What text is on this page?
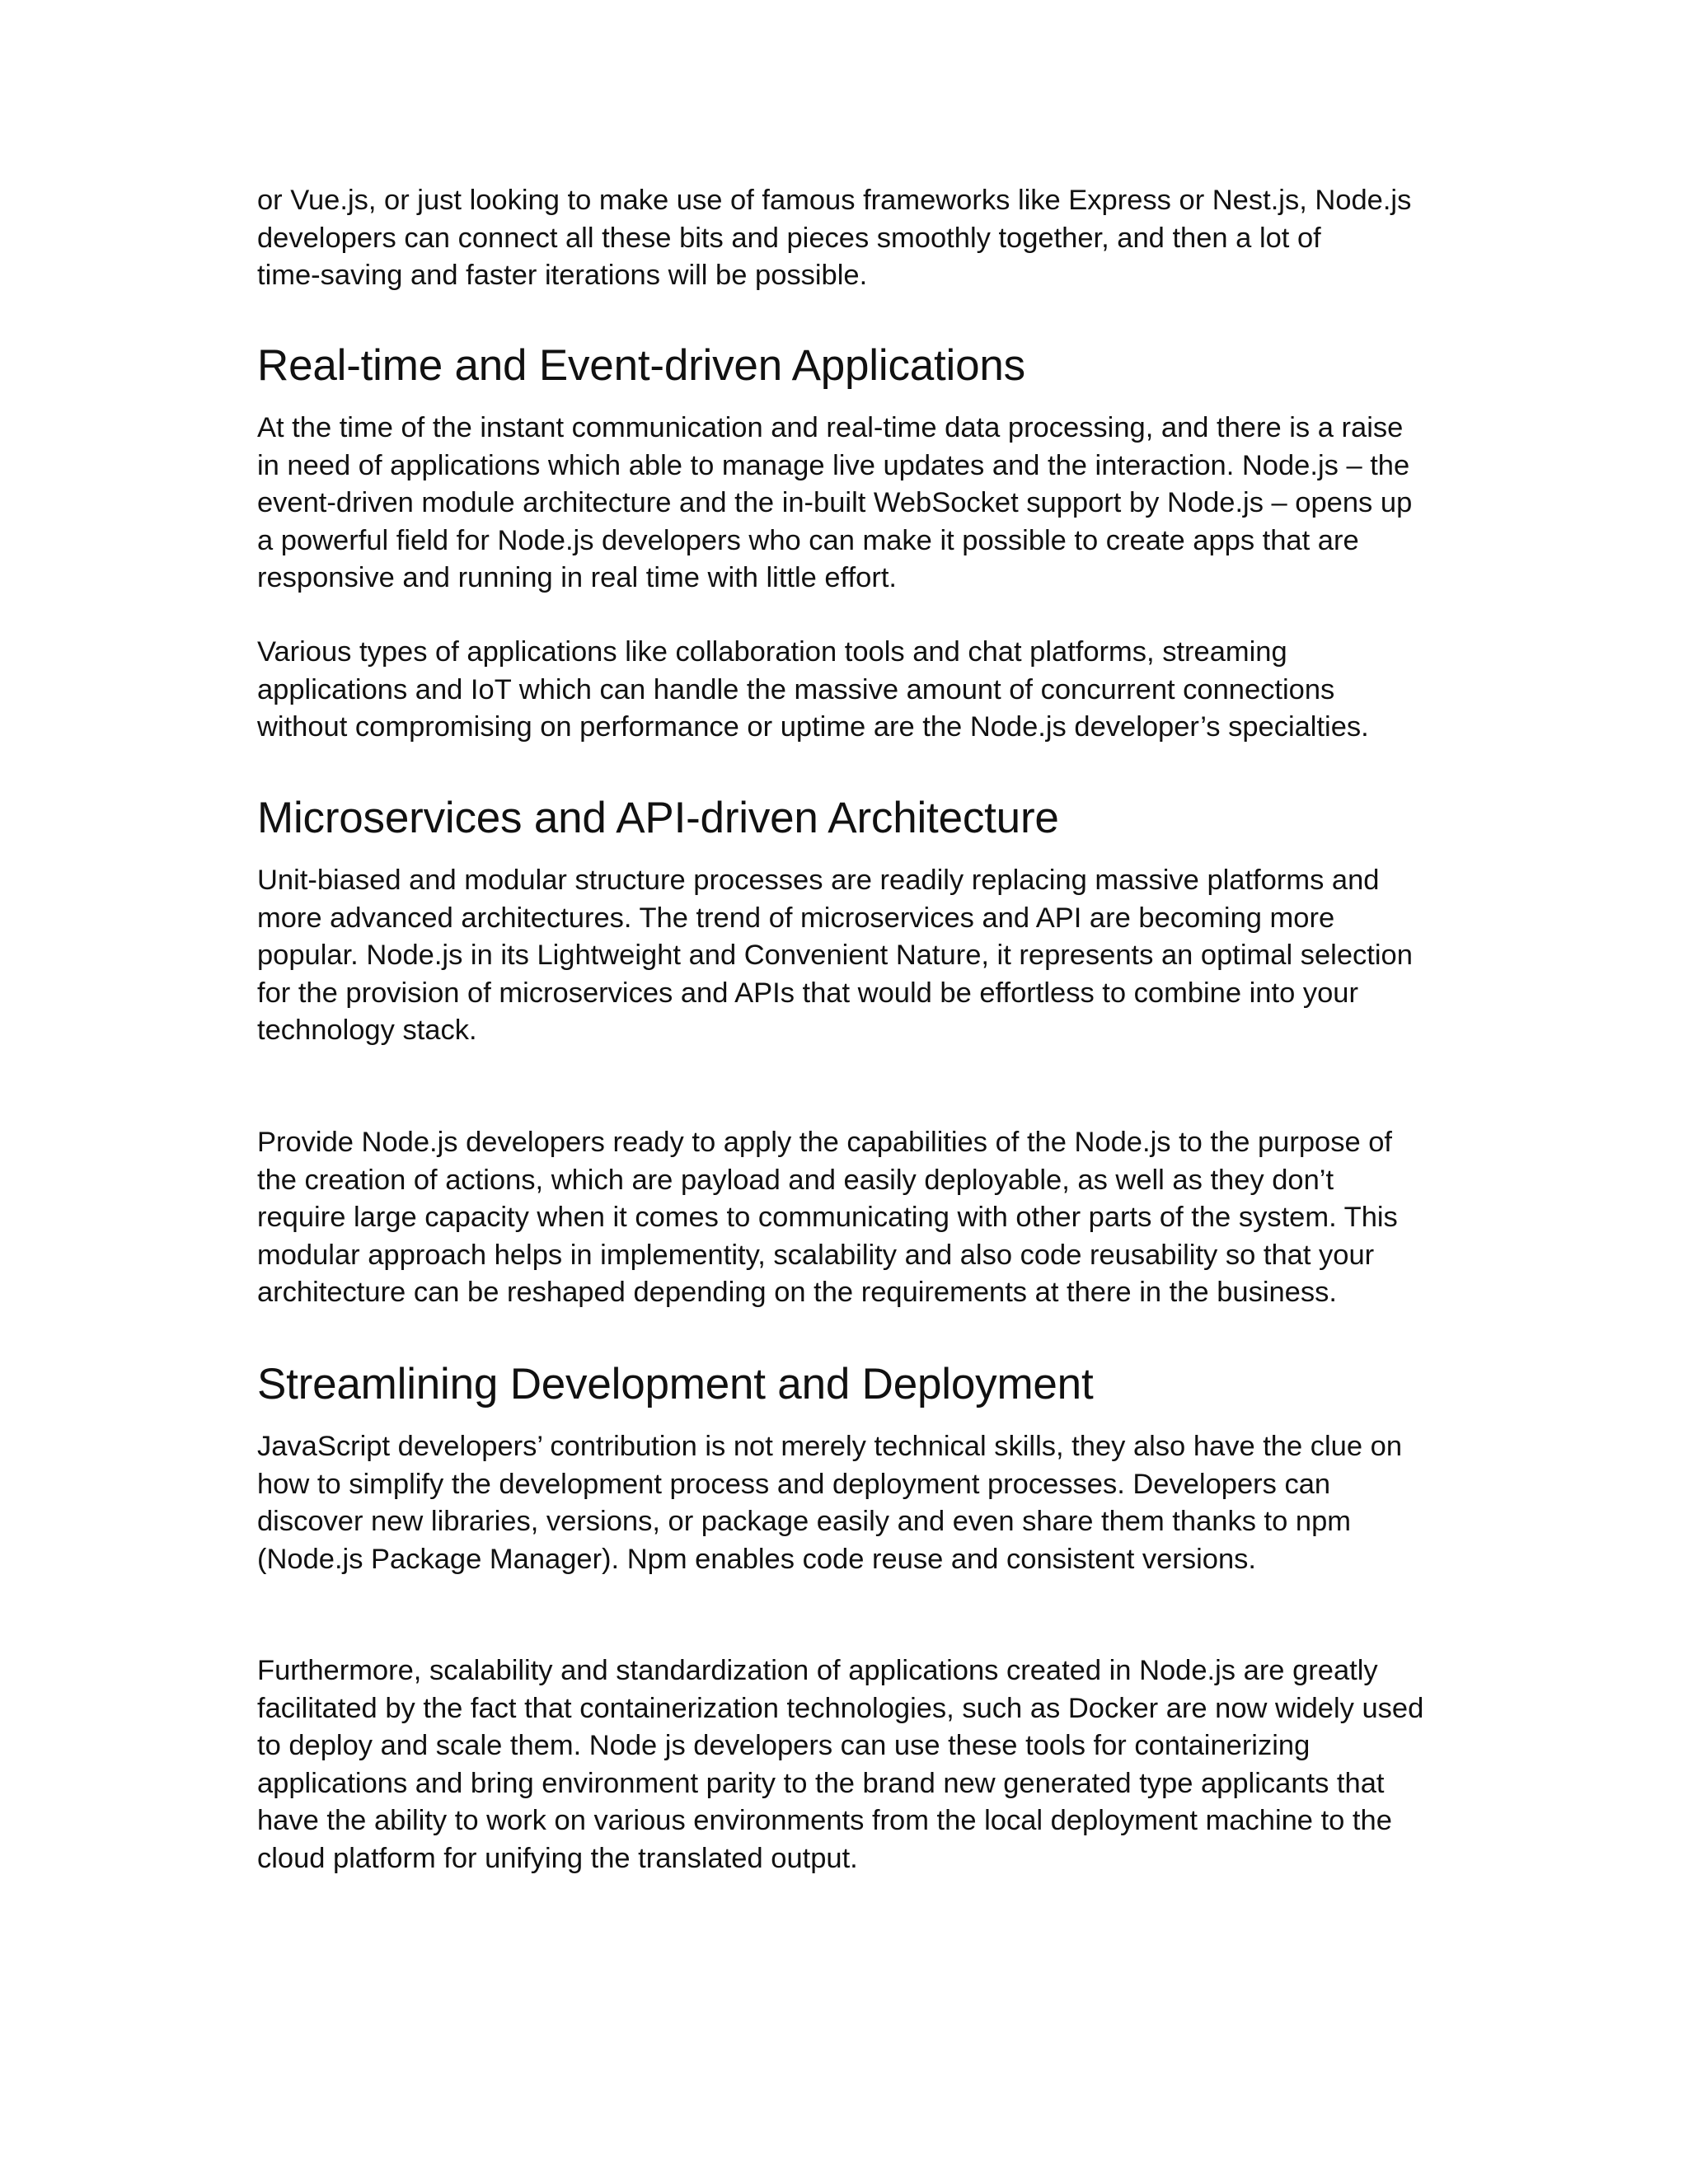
or Vue.js, or just looking to make use of famous frameworks like Express or Nest.js, Node.js
developers can connect all these bits and pieces smoothly together, and then a lot of
time-saving and faster iterations will be possible.

Real-time and Event-driven Applications

At the time of the instant communication and real-time data processing, and there is a raise
in need of applications which able to manage live updates and the interaction. Node.js – the
event-driven module architecture and the in-built WebSocket support by Node.js – opens up
a powerful field for Node.js developers who can make it possible to create apps that are
responsive and running in real time with little effort.

Various types of applications like collaboration tools and chat platforms, streaming
applications and IoT which can handle the massive amount of concurrent connections
without compromising on performance or uptime are the Node.js developer’s specialties.

Microservices and API-driven Architecture

Unit-biased and modular structure processes are readily replacing massive platforms and
more advanced architectures. The trend of microservices and API are becoming more
popular. Node.js in its Lightweight and Convenient Nature, it represents an optimal selection
for the provision of microservices and APIs that would be effortless to combine into your
technology stack.

Provide Node.js developers ready to apply the capabilities of the Node.js to the purpose of
the creation of actions, which are payload and easily deployable, as well as they don’t
require large capacity when it comes to communicating with other parts of the system. This
modular approach helps in implementity, scalability and also code reusability so that your
architecture can be reshaped depending on the requirements at there in the business.

Streamlining Development and Deployment

JavaScript developers’ contribution is not merely technical skills, they also have the clue on
how to simplify the development process and deployment processes. Developers can
discover new libraries, versions, or package easily and even share them thanks to npm
(Node.js Package Manager). Npm enables code reuse and consistent versions.

Furthermore, scalability and standardization of applications created in Node.js are greatly
facilitated by the fact that containerization technologies, such as Docker are now widely used
to deploy and scale them. Node js developers can use these tools for containerizing
applications and bring environment parity to the brand new generated type applicants that
have the ability to work on various environments from the local deployment machine to the
cloud platform for unifying the translated output.
